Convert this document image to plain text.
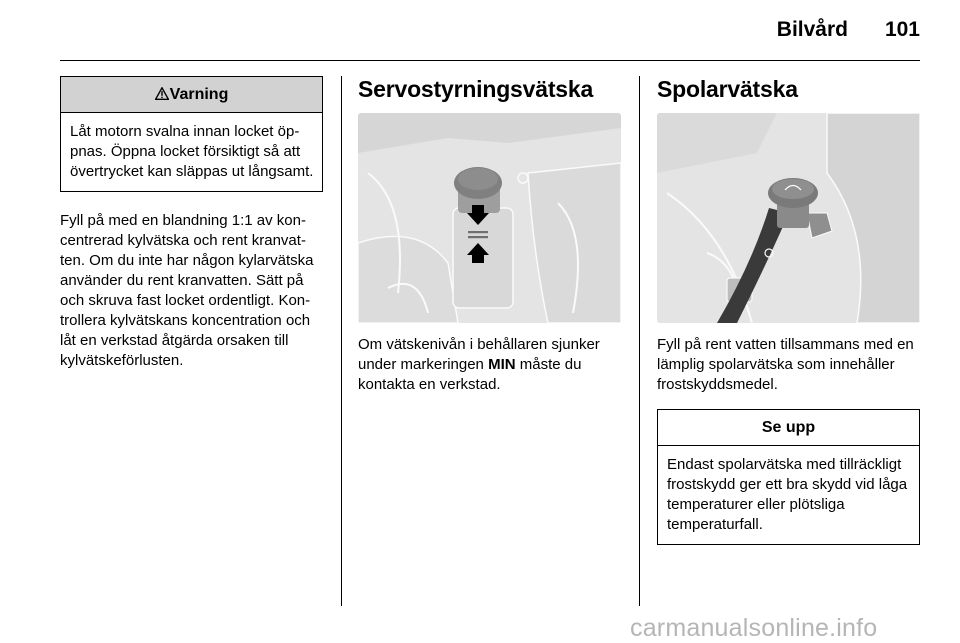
Bilvård	101
Varning
Låt motorn svalna innan locket öppnas. Öppna locket försiktigt så att övertrycket kan släppas ut långsamt.
Fyll på med en blandning 1:1 av koncentrerad kylvätska och rent kranvatten. Om du inte har någon kylarvätska använder du rent kranvatten. Sätt på och skruva fast locket ordentligt. Kontrollera kylvätskans koncentration och låt en verkstad åtgärda orsaken till kylvätskeförlusten.
Servostyrningsvätska
Om vätskenivån i behållaren sjunker under markeringen MIN måste du kontakta en verkstad.
Spolarvätska
Fyll på rent vatten tillsammans med en lämplig spolarvätska som innehåller frostskyddsmedel.
Se upp
Endast spolarvätska med tillräckligt frostskydd ger ett bra skydd vid låga temperaturer eller plötsliga temperaturfall.
carmanualsonline.info
